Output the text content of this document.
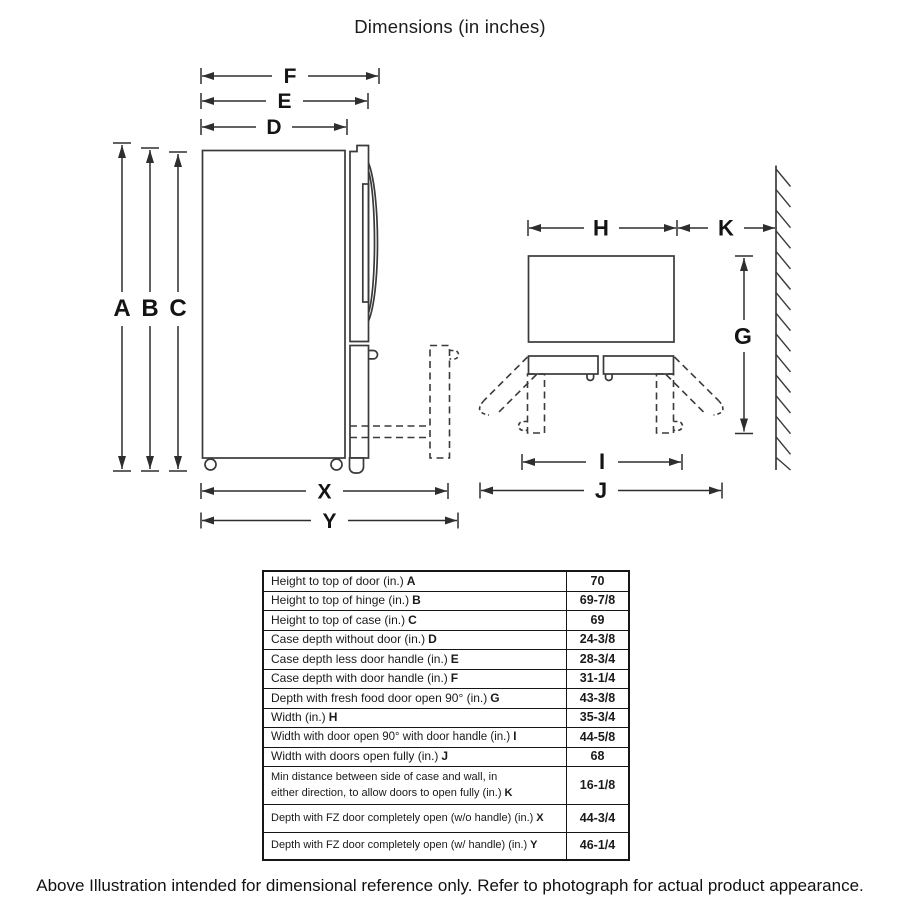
Dimensions (in inches)
F
E
D
A B C
X
Y
H	K
G
I
J
Height to top of door (in.) A	70
Height to top of hinge (in.) B	69-7/8
Height to top of case (in.) C	69
Case depth without door (in.) D	24-3/8
Case depth less door handle (in.) E	28-3/4
Case depth with door handle (in.) F	31-1/4
Depth with fresh food door open 90° (in.) G	43-3/8
Width (in.) H	35-3/4
Width with door open 90° with door handle (in.) I	44-5/8
Width with doors open fully (in.) J	68

Min distance between side of case and wall, in
either direction, to allow doors to open fully (in.) K	16-1/8
Depth with FZ door completely open (w/o handle) (in.) X	44-3/4
Depth with FZ door completely open (w/ handle) (in.) Y	46-1/4
Above Illustration intended for dimensional reference only. Refer to photograph for actual product appearance.
